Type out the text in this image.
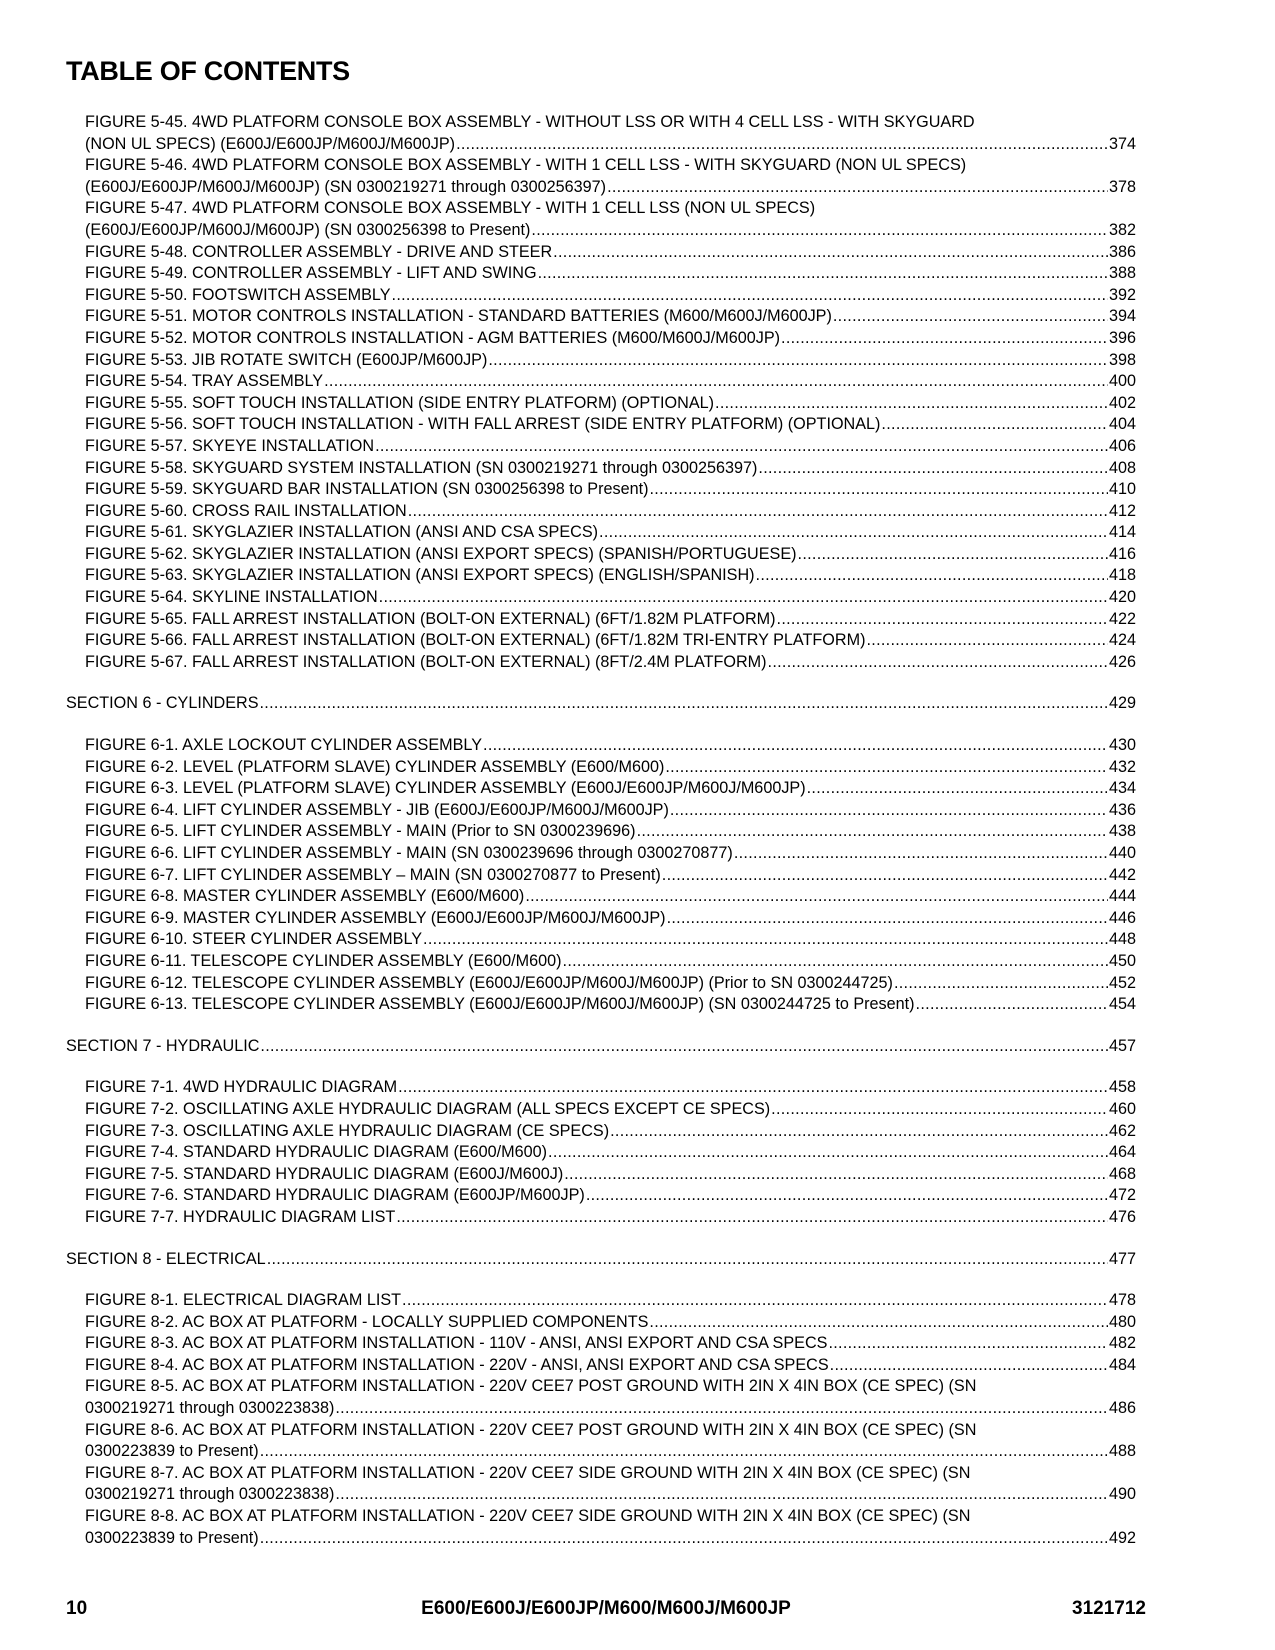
TABLE OF CONTENTS
FIGURE 5-45. 4WD PLATFORM CONSOLE BOX ASSEMBLY - WITHOUT LSS OR WITH 4 CELL LSS - WITH SKYGUARD
(NON UL SPECS) (E600J/E600JP/M600J/M600JP) .....	374
FIGURE 5-46. 4WD PLATFORM CONSOLE BOX ASSEMBLY - WITH 1 CELL LSS - WITH SKYGUARD (NON UL SPECS)
(E600J/E600JP/M600J/M600JP) (SN 0300219271 through 0300256397) .....	378
FIGURE 5-47. 4WD PLATFORM CONSOLE BOX ASSEMBLY - WITH 1 CELL LSS (NON UL SPECS)
(E600J/E600JP/M600J/M600JP) (SN 0300256398 to Present) .....	382
FIGURE 5-48. CONTROLLER ASSEMBLY - DRIVE AND STEER .....	386
FIGURE 5-49. CONTROLLER ASSEMBLY - LIFT AND SWING .....	388
FIGURE 5-50. FOOTSWITCH ASSEMBLY .....	392
FIGURE 5-51. MOTOR CONTROLS INSTALLATION - STANDARD BATTERIES (M600/M600J/M600JP) .....	394
FIGURE 5-52. MOTOR CONTROLS INSTALLATION - AGM BATTERIES (M600/M600J/M600JP) .....	396
FIGURE 5-53. JIB ROTATE SWITCH (E600JP/M600JP) .....	398
FIGURE 5-54. TRAY ASSEMBLY .....	400
FIGURE 5-55. SOFT TOUCH INSTALLATION (SIDE ENTRY PLATFORM) (OPTIONAL) .....	402
FIGURE 5-56. SOFT TOUCH INSTALLATION - WITH FALL ARREST (SIDE ENTRY PLATFORM) (OPTIONAL) .....	404
FIGURE 5-57. SKYEYE INSTALLATION .....	406
FIGURE 5-58. SKYGUARD SYSTEM INSTALLATION (SN 0300219271 through 0300256397) .....	408
FIGURE 5-59. SKYGUARD BAR INSTALLATION (SN 0300256398 to Present) .....	410
FIGURE 5-60. CROSS RAIL INSTALLATION .....	412
FIGURE 5-61. SKYGLAZIER INSTALLATION (ANSI AND CSA SPECS) .....	414
FIGURE 5-62. SKYGLAZIER INSTALLATION (ANSI EXPORT SPECS) (SPANISH/PORTUGUESE) .....	416
FIGURE 5-63. SKYGLAZIER INSTALLATION (ANSI EXPORT SPECS) (ENGLISH/SPANISH) .....	418
FIGURE 5-64. SKYLINE INSTALLATION .....	420
FIGURE 5-65. FALL ARREST INSTALLATION (BOLT-ON EXTERNAL) (6FT/1.82M PLATFORM) .....	422
FIGURE 5-66. FALL ARREST INSTALLATION (BOLT-ON EXTERNAL) (6FT/1.82M TRI-ENTRY PLATFORM) .....	424
FIGURE 5-67. FALL ARREST INSTALLATION (BOLT-ON EXTERNAL) (8FT/2.4M PLATFORM) .....	426
SECTION 6 - CYLINDERS .....	429
FIGURE 6-1. AXLE LOCKOUT CYLINDER ASSEMBLY .....	430
FIGURE 6-2. LEVEL (PLATFORM SLAVE) CYLINDER ASSEMBLY (E600/M600) .....	432
FIGURE 6-3. LEVEL (PLATFORM SLAVE) CYLINDER ASSEMBLY (E600J/E600JP/M600J/M600JP) .....	434
FIGURE 6-4. LIFT CYLINDER ASSEMBLY - JIB (E600J/E600JP/M600J/M600JP) .....	436
FIGURE 6-5. LIFT CYLINDER ASSEMBLY - MAIN (Prior to SN 0300239696) .....	438
FIGURE 6-6. LIFT CYLINDER ASSEMBLY - MAIN (SN 0300239696 through 0300270877) .....	440
FIGURE 6-7. LIFT CYLINDER ASSEMBLY – MAIN (SN 0300270877 to Present) .....	442
FIGURE 6-8. MASTER CYLINDER ASSEMBLY (E600/M600) .....	444
FIGURE 6-9. MASTER CYLINDER ASSEMBLY (E600J/E600JP/M600J/M600JP) .....	446
FIGURE 6-10. STEER CYLINDER ASSEMBLY .....	448
FIGURE 6-11. TELESCOPE CYLINDER ASSEMBLY (E600/M600) .....	450
FIGURE 6-12. TELESCOPE CYLINDER ASSEMBLY (E600J/E600JP/M600J/M600JP) (Prior to SN 0300244725) .....	452
FIGURE 6-13. TELESCOPE CYLINDER ASSEMBLY (E600J/E600JP/M600J/M600JP) (SN 0300244725 to Present) .....	454
SECTION 7 - HYDRAULIC .....	457
FIGURE 7-1. 4WD HYDRAULIC DIAGRAM .....	458
FIGURE 7-2. OSCILLATING AXLE HYDRAULIC DIAGRAM (ALL SPECS EXCEPT CE SPECS) .....	460
FIGURE 7-3. OSCILLATING AXLE HYDRAULIC DIAGRAM (CE SPECS) .....	462
FIGURE 7-4. STANDARD HYDRAULIC DIAGRAM (E600/M600) .....	464
FIGURE 7-5. STANDARD HYDRAULIC DIAGRAM (E600J/M600J) .....	468
FIGURE 7-6. STANDARD HYDRAULIC DIAGRAM (E600JP/M600JP) .....	472
FIGURE 7-7. HYDRAULIC DIAGRAM LIST .....	476
SECTION 8 - ELECTRICAL .....	477
FIGURE 8-1. ELECTRICAL DIAGRAM LIST .....	478
FIGURE 8-2. AC BOX AT PLATFORM - LOCALLY SUPPLIED COMPONENTS .....	480
FIGURE 8-3. AC BOX AT PLATFORM INSTALLATION - 110V - ANSI, ANSI EXPORT AND CSA SPECS .....	482
FIGURE 8-4. AC BOX AT PLATFORM INSTALLATION - 220V - ANSI, ANSI EXPORT AND CSA SPECS .....	484
FIGURE 8-5. AC BOX AT PLATFORM INSTALLATION - 220V CEE7 POST GROUND WITH 2IN X 4IN BOX (CE SPEC) (SN
0300219271 through 0300223838) .....	486
FIGURE 8-6. AC BOX AT PLATFORM INSTALLATION - 220V CEE7 POST GROUND WITH 2IN X 4IN BOX (CE SPEC) (SN
0300223839 to Present) .....	488
FIGURE 8-7. AC BOX AT PLATFORM INSTALLATION - 220V CEE7 SIDE GROUND WITH 2IN X 4IN BOX (CE SPEC) (SN
0300219271 through 0300223838) .....	490
FIGURE 8-8. AC BOX AT PLATFORM INSTALLATION - 220V CEE7 SIDE GROUND WITH 2IN X 4IN BOX (CE SPEC) (SN
0300223839 to Present) .....	492
10	E600/E600J/E600JP/M600/M600J/M600JP	3121712
